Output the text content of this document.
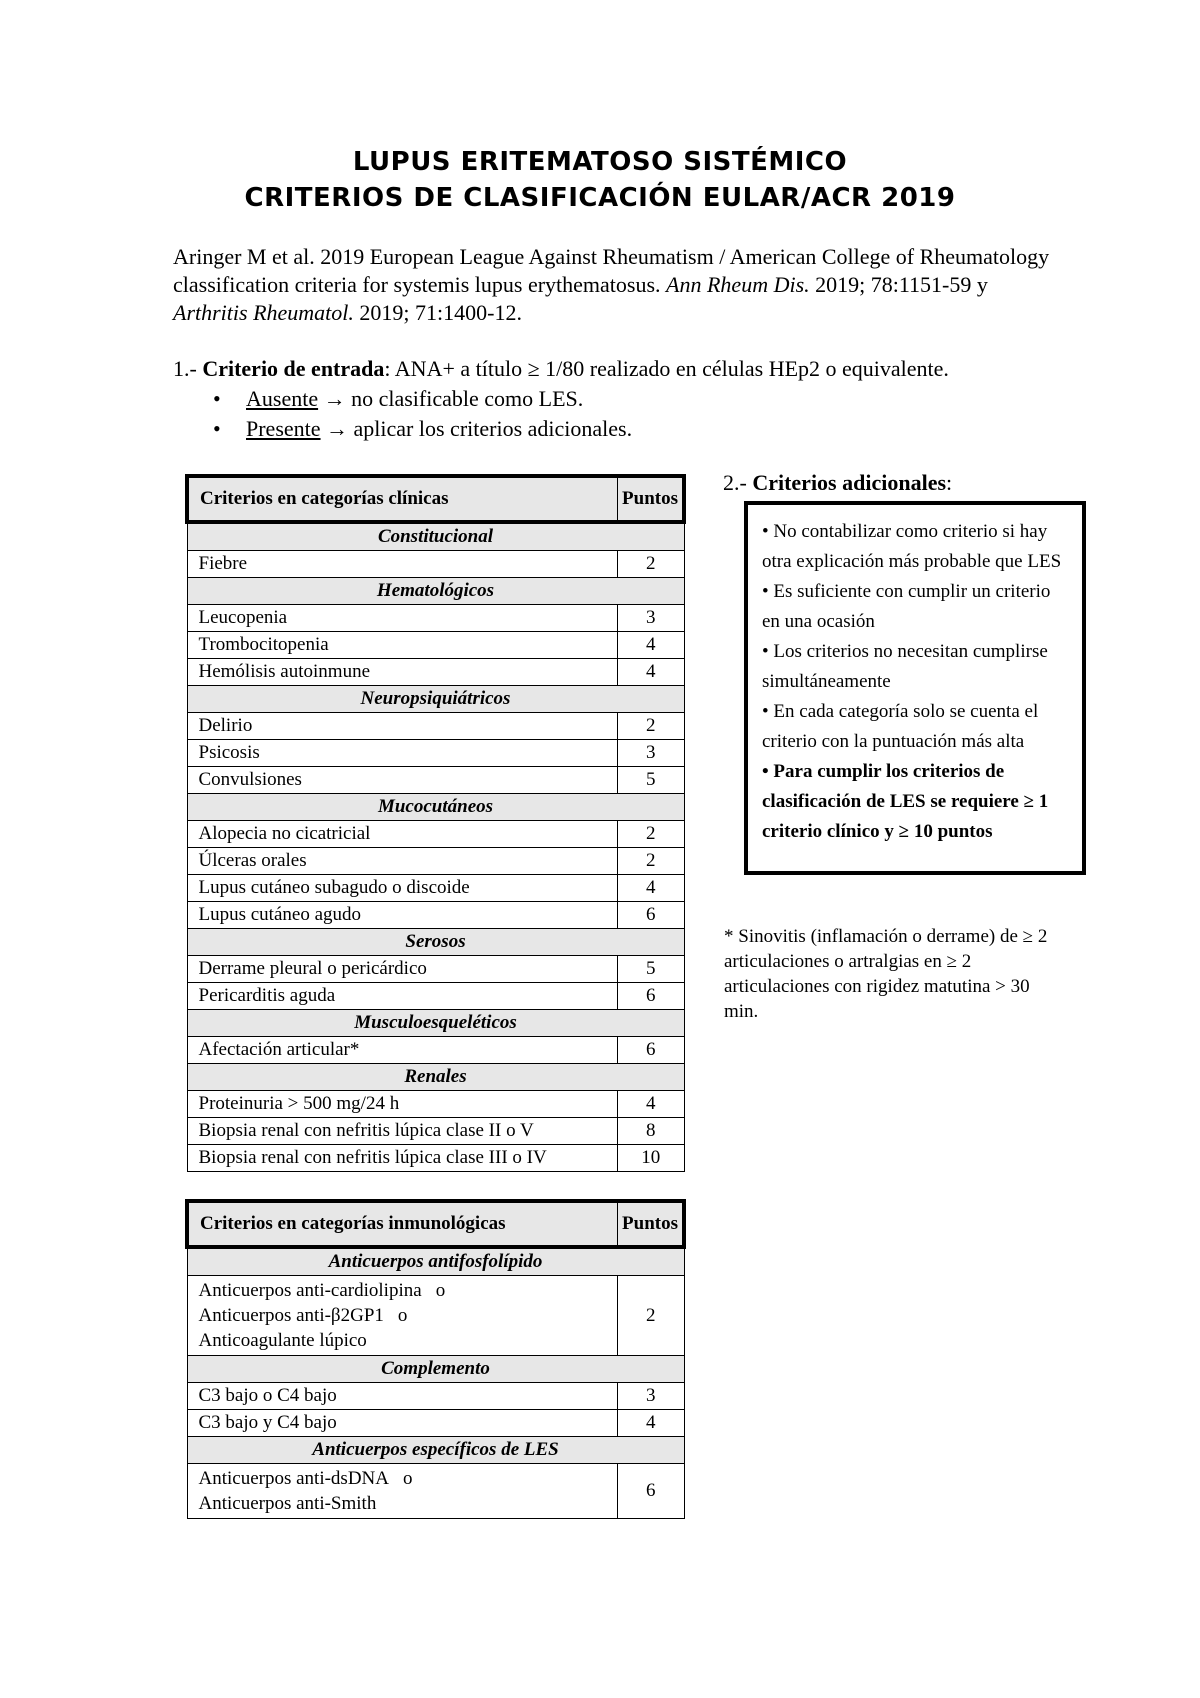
LUPUS ERITEMATOSO SISTÉMICO
CRITERIOS DE CLASIFICACIÓN EULAR/ACR 2019
Aringer M et al. 2019 European League Against Rheumatism / American College of Rheumatology classification criteria for systemis lupus erythematosus. Ann Rheum Dis. 2019; 78:1151-59 y Arthritis Rheumatol. 2019; 71:1400-12.
1.- Criterio de entrada: ANA+ a título ≥ 1/80 realizado en células HEp2 o equivalente.
• Ausente → no clasificable como LES.
• Presente → aplicar los criterios adicionales.
Criterios en categorías clínicas	Puntos
Constitucional	
Fiebre	2
Hematológicos	
Leucopenia	3
Trombocitopenia	4
Hemólisis autoinmune	4
Neuropsiquiátricos	
Delirio	2
Psicosis	3
Convulsiones	5
Mucocutáneos	
Alopecia no cicatricial	2
Úlceras orales	2
Lupus cutáneo subagudo o discoide	4
Lupus cutáneo agudo	6
Serosos	
Derrame pleural o pericárdico	5
Pericarditis aguda	6
Musculoesqueléticos	
Afectación articular*	6
Renales	
Proteinuria > 500 mg/24 h	4
Biopsia renal con nefritis lúpica clase II o V	8
Biopsia renal con nefritis lúpica clase III o IV	10
Criterios en categorías inmunológicas	Puntos
Anticuerpos antifosfolípido	

Anticuerpos anti-cardiolipina o
Anticuerpos anti-β2GP1 o
Anticoagulante lúpico	2
Complemento	

C3 bajo o C4 bajo	3

C3 bajo y C4 bajo	4
Anticuerpos específicos de LES	

Anticuerpos anti-dsDNA o
Anticuerpos anti-Smith	6
2.- Criterios adicionales:
• No contabilizar como criterio si hay otra explicación más probable que LES
• Es suficiente con cumplir un criterio en una ocasión
• Los criterios no necesitan cumplirse simultáneamente
• En cada categoría solo se cuenta el criterio con la puntuación más alta
• Para cumplir los criterios de clasificación de LES se requiere ≥ 1 criterio clínico y ≥ 10 puntos
* Sinovitis (inflamación o derrame) de ≥ 2 articulaciones o artralgias en ≥ 2 articulaciones con rigidez matutina > 30 min.
